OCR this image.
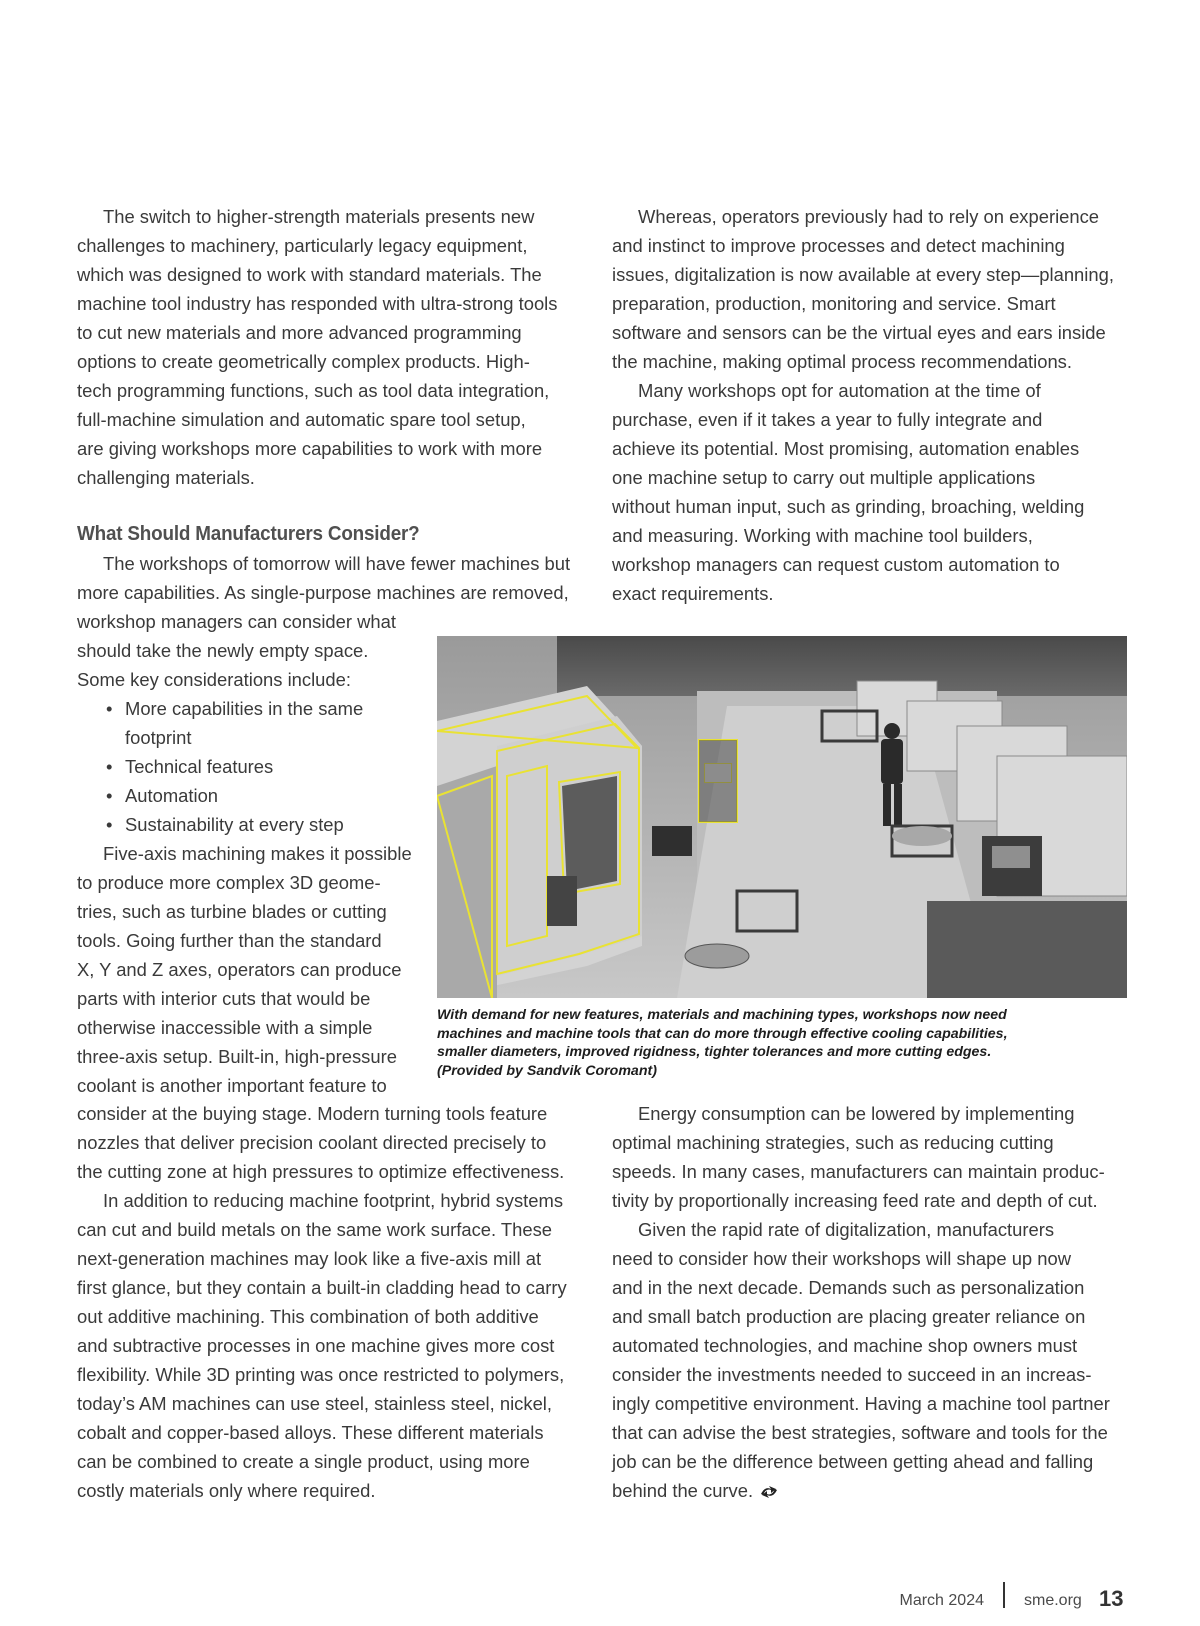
The switch to higher-strength materials presents new
challenges to machinery, particularly legacy equipment,
which was designed to work with standard materials. The
machine tool industry has responded with ultra-strong tools
to cut new materials and more advanced programming
options to create geometrically complex products. High-
tech programming functions, such as tool data integration,
full-machine simulation and automatic spare tool setup,
are giving workshops more capabilities to work with more
challenging materials.
What Should Manufacturers Consider?
The workshops of tomorrow will have fewer machines but
more capabilities. As single-purpose machines are removed,
workshop managers can consider what
should take the newly empty space.
Some key considerations include:
• More capabilities in the same
footprint
• Technical features
• Automation
• Sustainability at every step
Five-axis machining makes it possible
to produce more complex 3D geome-
tries, such as turbine blades or cutting
tools. Going further than the standard
X, Y and Z axes, operators can produce
parts with interior cuts that would be
otherwise inaccessible with a simple
three-axis setup. Built-in, high-pressure
coolant is another important feature to
consider at the buying stage. Modern turning tools feature
nozzles that deliver precision coolant directed precisely to
the cutting zone at high pressures to optimize effectiveness.
In addition to reducing machine footprint, hybrid systems
can cut and build metals on the same work surface. These
next-generation machines may look like a five-axis mill at
first glance, but they contain a built-in cladding head to carry
out additive machining. This combination of both additive
and subtractive processes in one machine gives more cost
flexibility. While 3D printing was once restricted to polymers,
today’s AM machines can use steel, stainless steel, nickel,
cobalt and copper-based alloys. These different materials
can be combined to create a single product, using more
costly materials only where required.
Whereas, operators previously had to rely on experience
and instinct to improve processes and detect machining
issues, digitalization is now available at every step—planning,
preparation, production, monitoring and service. Smart
software and sensors can be the virtual eyes and ears inside
the machine, making optimal process recommendations.
Many workshops opt for automation at the time of
purchase, even if it takes a year to fully integrate and
achieve its potential. Most promising, automation enables
one machine setup to carry out multiple applications
without human input, such as grinding, broaching, welding
and measuring. Working with machine tool builders,
workshop managers can request custom automation to
exact requirements.
Energy consumption can be lowered by implementing
optimal machining strategies, such as reducing cutting
speeds. In many cases, manufacturers can maintain produc-
tivity by proportionally increasing feed rate and depth of cut.
Given the rapid rate of digitalization, manufacturers
need to consider how their workshops will shape up now
and in the next decade. Demands such as personalization
and small batch production are placing greater reliance on
automated technologies, and machine shop owners must
consider the investments needed to succeed in an increas-
ingly competitive environment. Having a machine tool partner
that can advise the best strategies, software and tools for the
job can be the difference between getting ahead and falling
behind the curve.
With demand for new features, materials and machining types, workshops now need
machines and machine tools that can do more through effective cooling capabilities,
smaller diameters, improved rigidness, tighter tolerances and more cutting edges.
(Provided by Sandvik Coromant)
March 2024	sme.org 13
